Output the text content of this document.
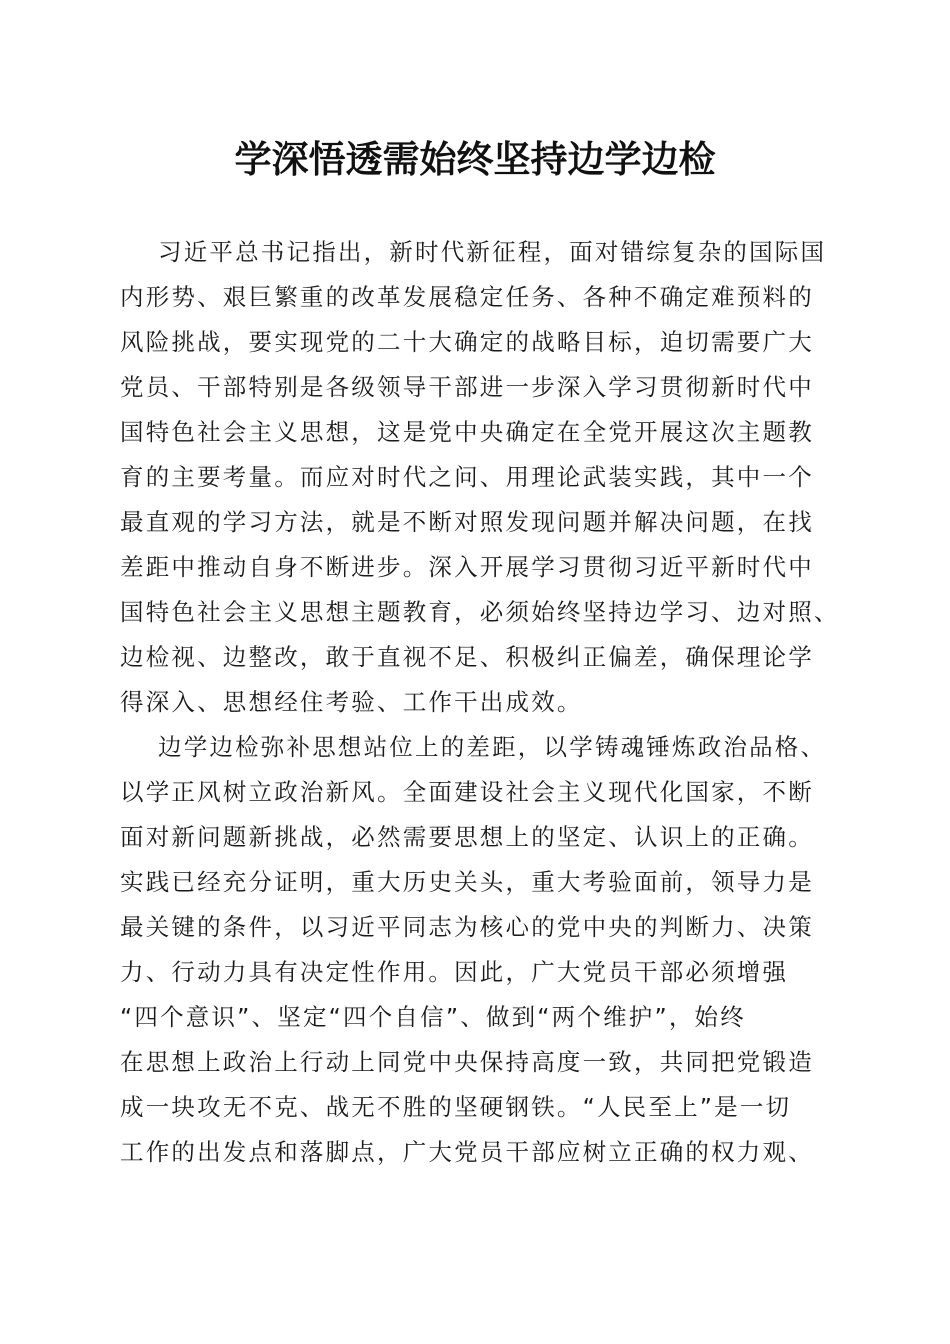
学深悟透需始终坚持边学边检
习近平总书记指出，新时代新征程，面对错综复杂的国际国
内形势、艰巨繁重的改革发展稳定任务、各种不确定难预料的
风险挑战，要实现党的二十大确定的战略目标，迫切需要广大
党员、干部特别是各级领导干部进一步深入学习贯彻新时代中
国特色社会主义思想，这是党中央确定在全党开展这次主题教
育的主要考量。而应对时代之问、用理论武装实践，其中一个
最直观的学习方法，就是不断对照发现问题并解决问题，在找
差距中推动自身不断进步。深入开展学习贯彻习近平新时代中
国特色社会主义思想主题教育，必须始终坚持边学习、边对照、
边检视、边整改，敢于直视不足、积极纠正偏差，确保理论学
得深入、思想经住考验、工作干出成效。
边学边检弥补思想站位上的差距，以学铸魂锤炼政治品格、
以学正风树立政治新风。全面建设社会主义现代化国家，不断
面对新问题新挑战，必然需要思想上的坚定、认识上的正确。
实践已经充分证明，重大历史关头，重大考验面前，领导力是
最关键的条件，以习近平同志为核心的党中央的判断力、决策
力、行动力具有决定性作用。因此，广大党员干部必须增强
“四个意识”、坚定“四个自信”、做到“两个维护”，始终
在思想上政治上行动上同党中央保持高度一致，共同把党锻造
成一块攻无不克、战无不胜的坚硬钢铁。“人民至上”是一切
工作的出发点和落脚点，广大党员干部应树立正确的权力观、
